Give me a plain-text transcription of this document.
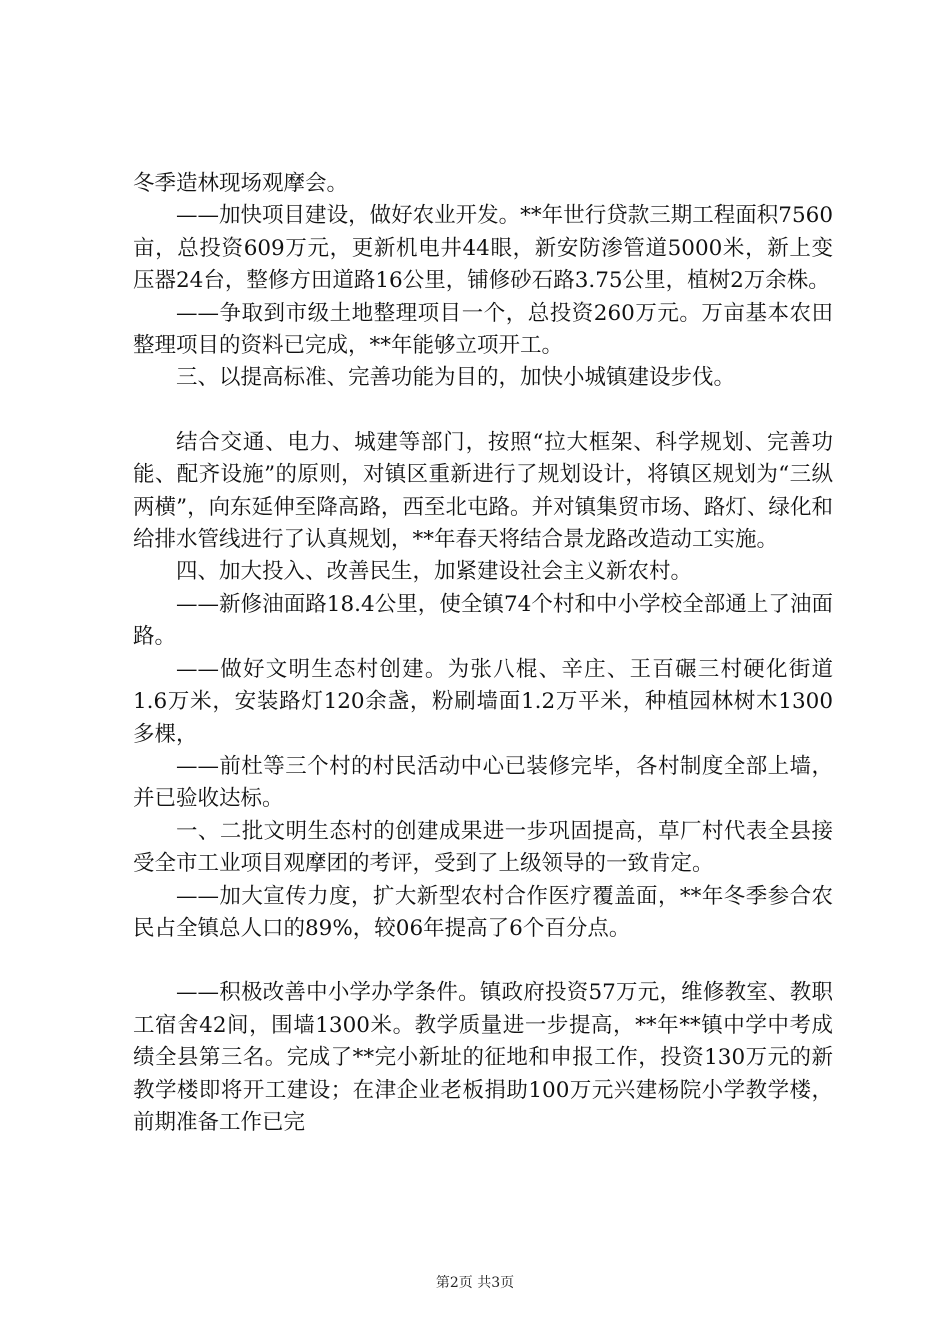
冬季造林现场观摩会。

——加快项目建设，做好农业开发。**年世行贷款三期工程面积7560亩，总投资609万元，更新机电井44眼，新安防渗管道5000米，新上变压器24台，整修方田道路16公里，铺修砂石路3.75公里，植树2万余株。

——争取到市级土地整理项目一个，总投资260万元。万亩基本农田整理项目的资料已完成，**年能够立项开工。

三、以提高标准、完善功能为目的，加快小城镇建设步伐。

结合交通、电力、城建等部门，按照“拉大框架、科学规划、完善功能、配齐设施”的原则，对镇区重新进行了规划设计，将镇区规划为“三纵两横”，向东延伸至降高路，西至北屯路。并对镇集贸市场、路灯、绿化和给排水管线进行了认真规划，**年春天将结合景龙路改造动工实施。

四、加大投入、改善民生，加紧建设社会主义新农村。

——新修油面路18.4公里，使全镇74个村和中小学校全部通上了油面路。

——做好文明生态村创建。为张八棍、辛庄、王百碾三村硬化街道1.6万米，安装路灯120余盏，粉刷墙面1.2万平米，种植园林树木1300多棵，

——前杜等三个村的村民活动中心已装修完毕，各村制度全部上墙，并已验收达标。

一、二批文明生态村的创建成果进一步巩固提高，草厂村代表全县接受全市工业项目观摩团的考评，受到了上级领导的一致肯定。

——加大宣传力度，扩大新型农村合作医疗覆盖面，**年冬季参合农民占全镇总人口的89%，较06年提高了6个百分点。

——积极改善中小学办学条件。镇政府投资57万元，维修教室、教职工宿舍42间，围墙1300米。教学质量进一步提高，**年**镇中学中考成绩全县第三名。完成了**完小新址的征地和申报工作，投资130万元的新教学楼即将开工建设；在津企业老板捐助100万元兴建杨院小学教学楼，前期准备工作已完

第2页 共3页
